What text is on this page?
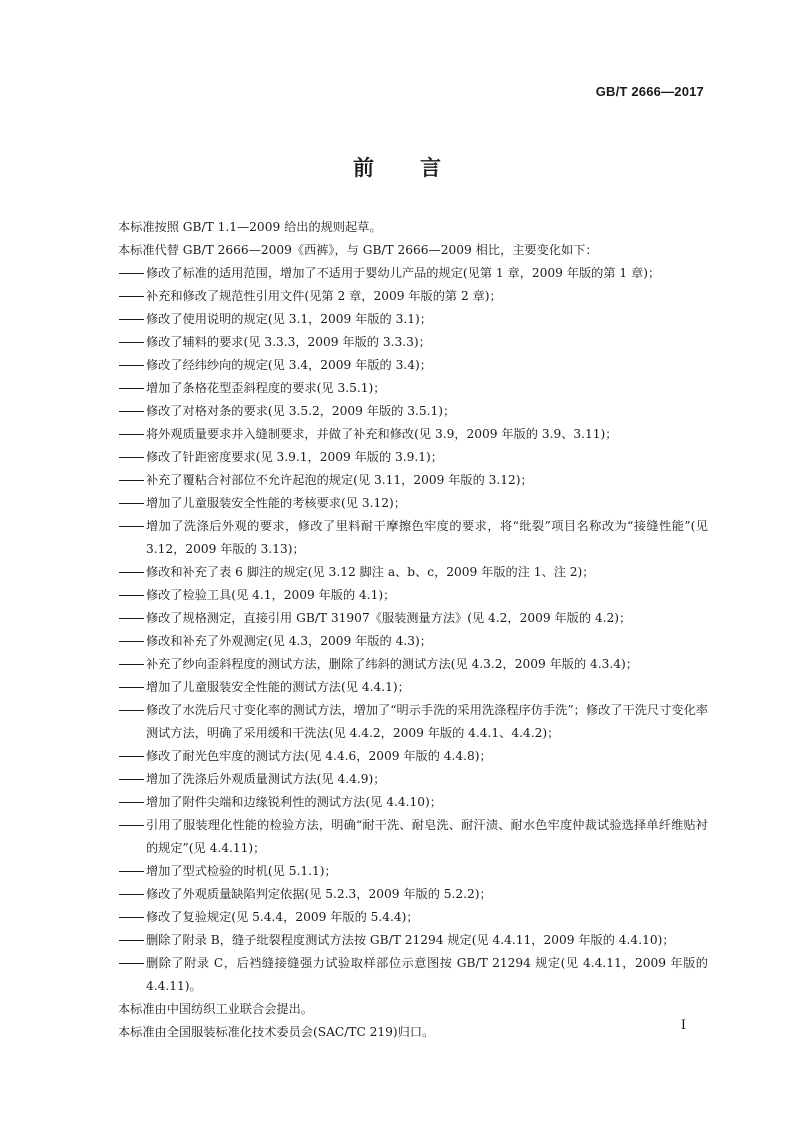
GB/T 2666—2017
前言

本标准按照 GB/T 1.1—2009 给出的规则起草。

本标准代替 GB/T 2666—2009《西裤》，与 GB/T 2666—2009 相比，主要变化如下：

修改了标准的适用范围，增加了不适用于婴幼儿产品的规定(见第 1 章，2009 年版的第 1 章)；
补充和修改了规范性引用文件(见第 2 章，2009 年版的第 2 章)；
修改了使用说明的规定(见 3.1，2009 年版的 3.1)；
修改了辅料的要求(见 3.3.3，2009 年版的 3.3.3)；
修改了经纬纱向的规定(见 3.4，2009 年版的 3.4)；
增加了条格花型歪斜程度的要求(见 3.5.1)；
修改了对格对条的要求(见 3.5.2，2009 年版的 3.5.1)；
将外观质量要求并入缝制要求，并做了补充和修改(见 3.9，2009 年版的 3.9、3.11)；
修改了针距密度要求(见 3.9.1，2009 年版的 3.9.1)；
补充了覆粘合衬部位不允许起泡的规定(见 3.11，2009 年版的 3.12)；
增加了儿童服装安全性能的考核要求(见 3.12)；
增加了洗涤后外观的要求，修改了里料耐干摩擦色牢度的要求，将“纰裂”项目名称改为“接缝性能”(见 3.12，2009 年版的 3.13)；
修改和补充了表 6 脚注的规定(见 3.12 脚注 a、b、c，2009 年版的注 1、注 2)；
修改了检验工具(见 4.1，2009 年版的 4.1)；
修改了规格测定，直接引用 GB/T 31907《服装测量方法》(见 4.2，2009 年版的 4.2)；
修改和补充了外观测定(见 4.3，2009 年版的 4.3)；
补充了纱向歪斜程度的测试方法，删除了纬斜的测试方法(见 4.3.2，2009 年版的 4.3.4)；
增加了儿童服装安全性能的测试方法(见 4.4.1)；
修改了水洗后尺寸变化率的测试方法，增加了“明示手洗的采用洗涤程序仿手洗”；修改了干洗尺寸变化率测试方法，明确了采用缓和干洗法(见 4.4.2，2009 年版的 4.4.1、4.4.2)；
修改了耐光色牢度的测试方法(见 4.4.6，2009 年版的 4.4.8)；
增加了洗涤后外观质量测试方法(见 4.4.9)；
增加了附件尖端和边缘锐利性的测试方法(见 4.4.10)；
引用了服装理化性能的检验方法，明确“耐干洗、耐皂洗、耐汗渍、耐水色牢度仲裁试验选择单纤维贴衬的规定”(见 4.4.11)；
增加了型式检验的时机(见 5.1.1)；
修改了外观质量缺陷判定依据(见 5.2.3，2009 年版的 5.2.2)；
修改了复验规定(见 5.4.4，2009 年版的 5.4.4)；
删除了附录 B，缝子纰裂程度测试方法按 GB/T 21294 规定(见 4.4.11，2009 年版的 4.4.10)；
删除了附录 C，后裆缝接缝强力试验取样部位示意图按 GB/T 21294 规定(见 4.4.11，2009 年版的 4.4.11)。

本标准由中国纺织工业联合会提出。

本标准由全国服装标准化技术委员会(SAC/TC 219)归口。	I
